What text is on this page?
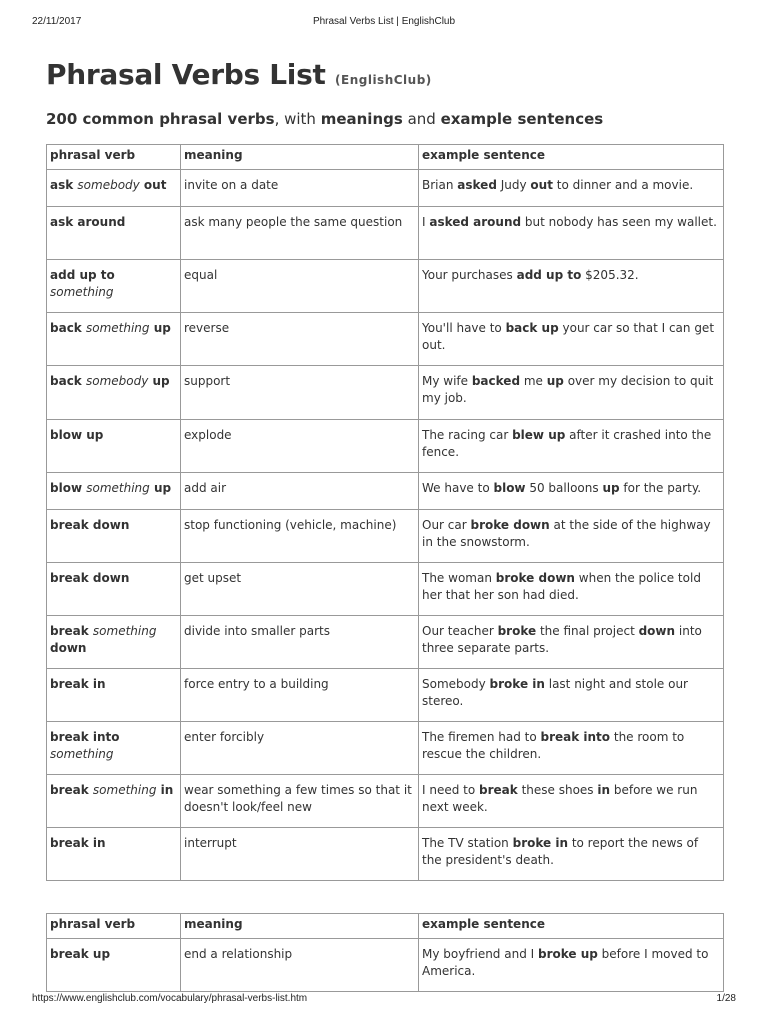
22/11/2017	Phrasal Verbs List | EnglishClub
Phrasal Verbs List (EnglishClub)

200 common phrasal verbs, with meanings and example sentences

phrasal verb	meaning	example sentence
ask somebody out	invite on a date	Brian asked Judy out to dinner and a movie.
ask around	ask many people the same question	I asked around but nobody has seen my wallet.
add up to something	equal	Your purchases add up to $205.32.
back something up	reverse	You'll have to back up your car so that I can get out.
back somebody up	support	My wife backed me up over my decision to quit my job.
blow up	explode	The racing car blew up after it crashed into the fence.
blow something up	add air	We have to blow 50 balloons up for the party.
break down	stop functioning (vehicle, machine)	Our car broke down at the side of the highway in the snowstorm.
break down	get upset	The woman broke down when the police told her that her son had died.
break something down	divide into smaller parts	Our teacher broke the final project down into three separate parts.
break in	force entry to a building	Somebody broke in last night and stole our stereo.
break into something	enter forcibly	The firemen had to break into the room to rescue the children.
break something in	wear something a few times so that it doesn't look/feel new	I need to break these shoes in before we run next week.
break in	interrupt	The TV station broke in to report the news of the president's death.
phrasal verb	meaning	example sentence
break up	end a relationship	My boyfriend and I broke up before I moved to America.
https://www.englishclub.com/vocabulary/phrasal-verbs-list.htm	1/28
